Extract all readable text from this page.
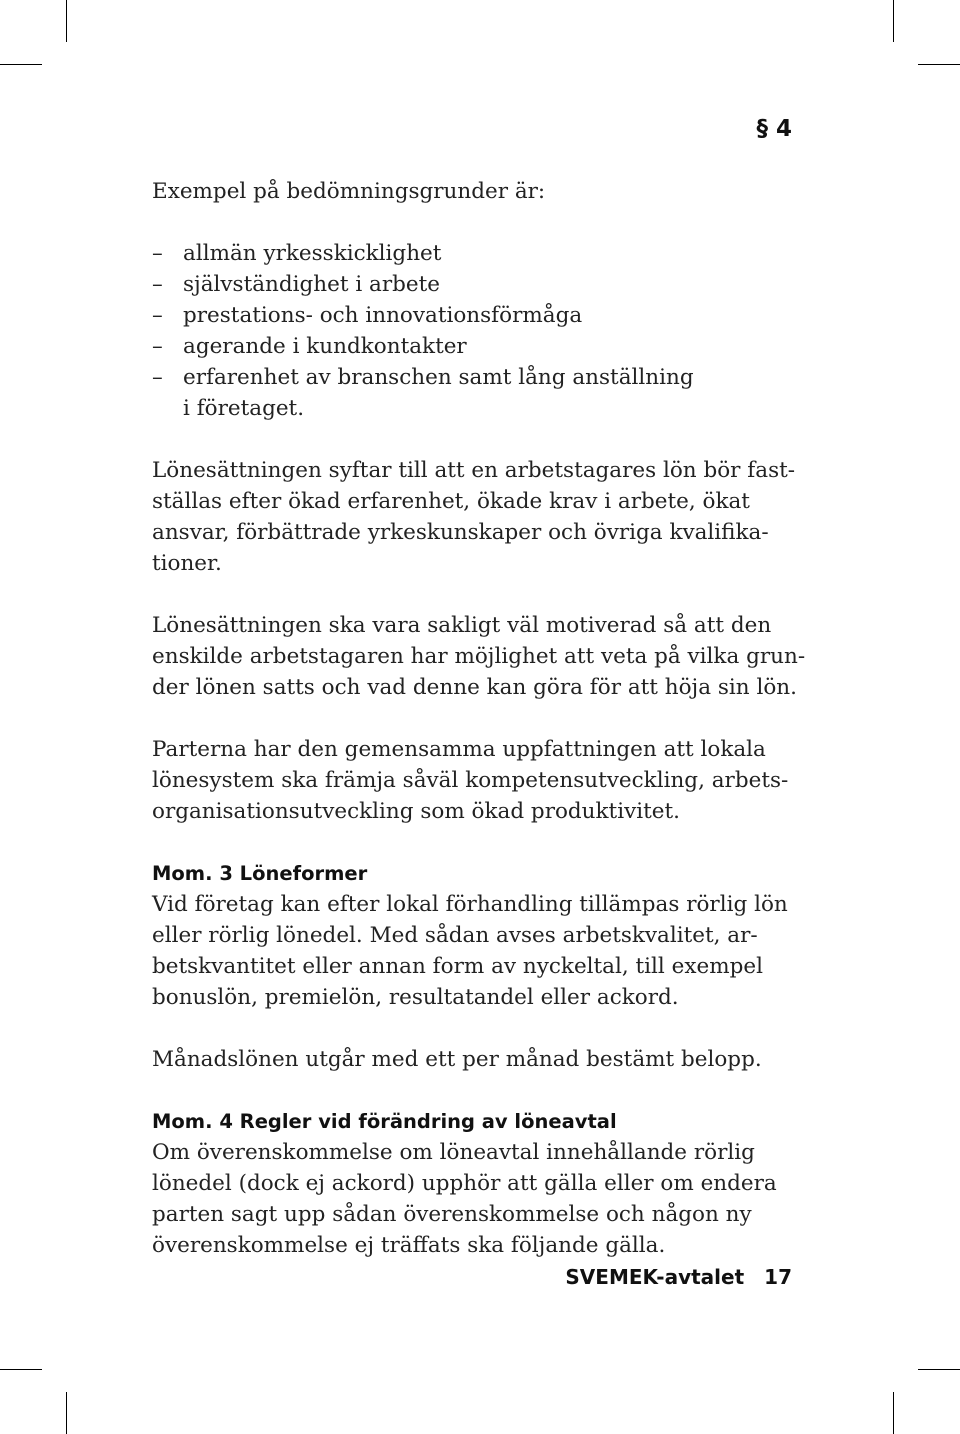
§ 4

Exempel på bedömningsgrunder är:

– allmän yrkesskicklighet
– självständighet i arbete
– prestations- och innovationsförmåga
– agerande i kundkontakter
– erfarenhet av branschen samt lång anställning
i företaget.

Lönesättningen syftar till att en arbetstagares lön bör fast-
ställas efter ökad erfarenhet, ökade krav i arbete, ökat
ansvar, förbättrade yrkeskunskaper och övriga kvalifika-
tioner.

Lönesättningen ska vara sakligt väl motiverad så att den
enskilde arbetstagaren har möjlighet att veta på vilka grun-
der lönen satts och vad denne kan göra för att höja sin lön.

Parterna har den gemensamma uppfattningen att lokala
lönesystem ska främja såväl kompetensutveckling, arbets-
organisationsutveckling som ökad produktivitet.

Mom. 3 Löneformer

Vid företag kan efter lokal förhandling tillämpas rörlig lön
eller rörlig lönedel. Med sådan avses arbetskvalitet, ar-
betskvantitet eller annan form av nyckeltal, till exempel
bonuslön, premielön, resultatandel eller ackord.

Månadslönen utgår med ett per månad bestämt belopp.

Mom. 4 Regler vid förändring av löneavtal

Om överenskommelse om löneavtal innehållande rörlig
lönedel (dock ej ackord) upphör att gälla eller om endera
parten sagt upp sådan överenskommelse och någon ny
överenskommelse ej träffats ska följande gälla.

SVEMEK-avtalet 17
